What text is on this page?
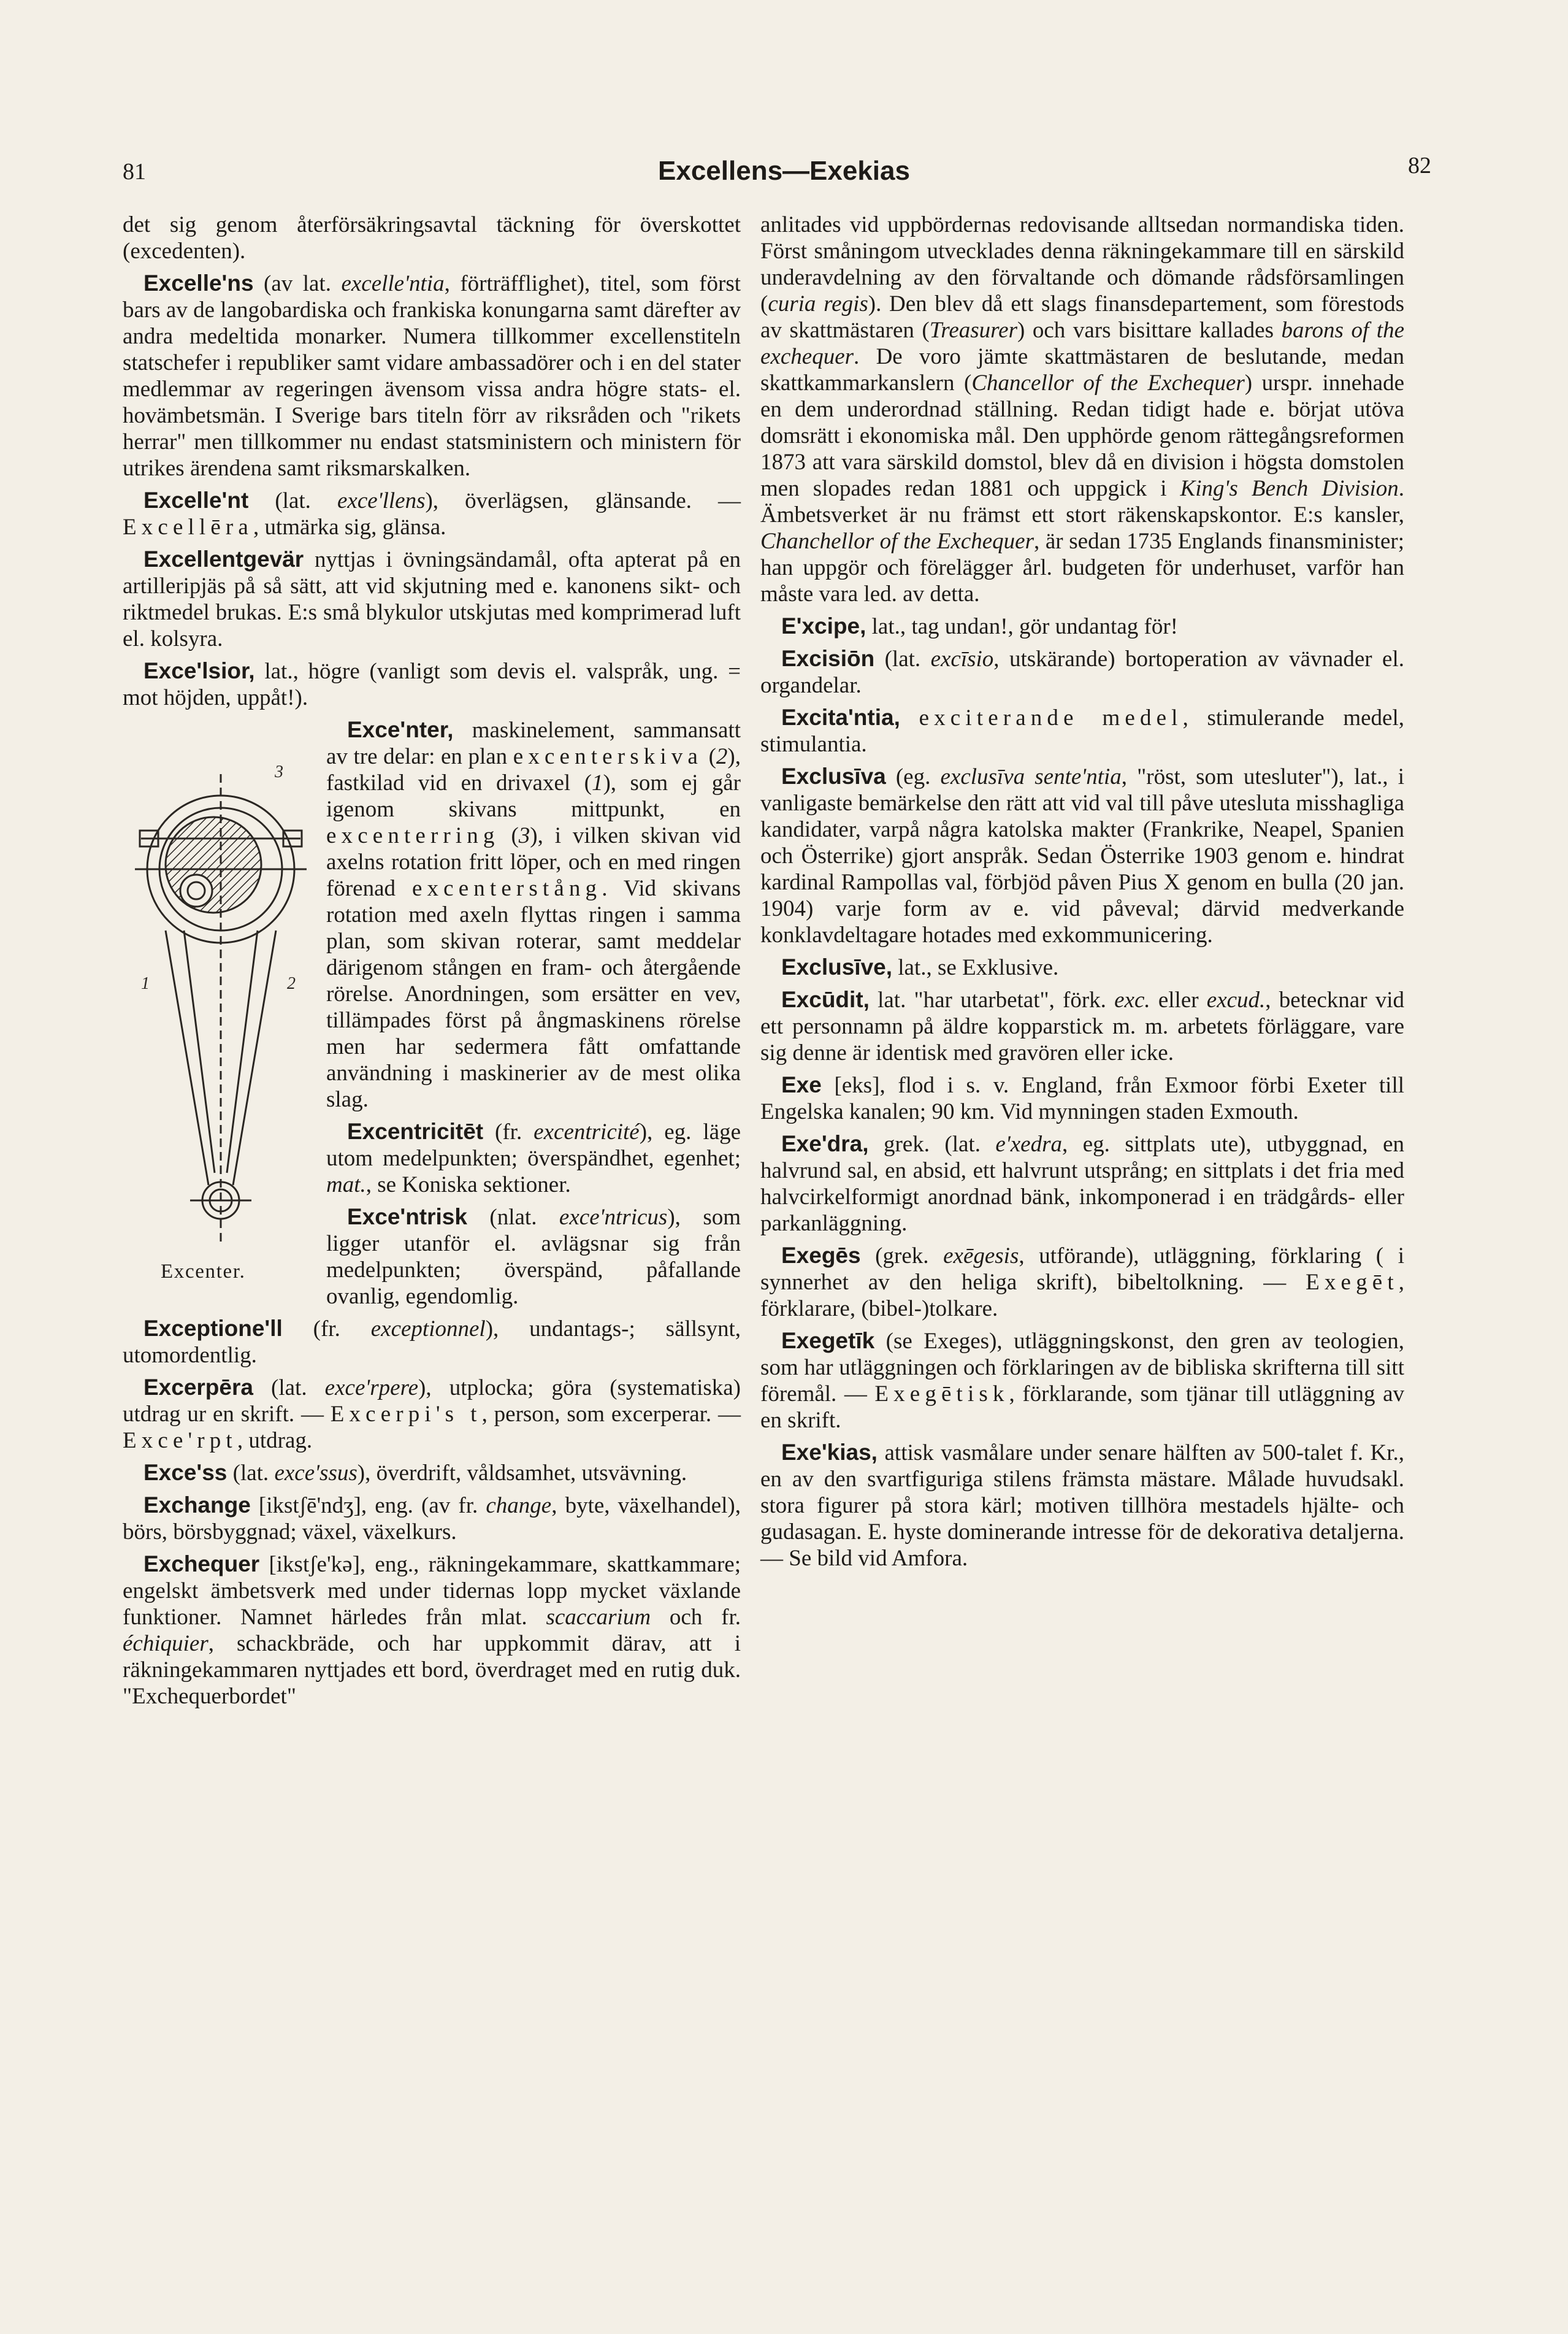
81	Excellens—Exekias	82

det sig genom återförsäkringsavtal täckning för överskottet (excedenten).

Excelle'ns (av lat. excelle'ntia, förträfflighet), titel, som först bars av de langobardiska och frankiska konungarna samt därefter av andra medeltida monarker. Numera tillkommer excellenstiteln statschefer i republiker samt vidare ambassadörer och i en del stater medlemmar av regeringen ävensom vissa andra högre stats- el. hovämbetsmän. I Sverige bars titeln förr av riksråden och "rikets herrar" men tillkommer nu endast statsministern och ministern för utrikes ärendena samt riksmarskalken.

Excelle'nt (lat. exce'llens), överlägsen, glänsande. — Excellēra, utmärka sig, glänsa.

Excellentgevär nyttjas i övningsändamål, ofta apterat på en artilleripjäs på så sätt, att vid skjutning med e. kanonens sikt- och riktmedel brukas. E:s små blykulor utskjutas med komprimerad luft el. kolsyra.

Exce'lsior, lat., högre (vanligt som devis el. valspråk, ung. = mot höjden, uppåt!).

3
1	2
Excenter.
Exce'nter, maskinelement, sammansatt av tre delar: en plan excenterskiva (2), fastkilad vid en drivaxel (1), som ej går igenom skivans mittpunkt, en excenterring (3), i vilken skivan vid axelns rotation fritt löper, och en med ringen förenad excenterstång. Vid skivans rotation med axeln flyttas ringen i samma plan, som skivan roterar, samt meddelar därigenom stången en fram- och återgående rörelse. Anordningen, som ersätter en vev, tillämpades först på ångmaskinens rörelse men har sedermera fått omfattande användning i maskinerier av de mest olika slag.

Excentricitēt (fr. excentricité), eg. läge utom medelpunkten; överspändhet, egenhet; mat., se Koniska sektioner.

Exce'ntrisk (nlat. exce'ntricus), som ligger utanför el. avlägsnar sig från medelpunkten; överspänd, påfallande ovanlig, egendomlig.

Exceptione'll (fr. exceptionnel), undantags-; sällsynt, utomordentlig.

Excerpēra (lat. exce'rpere), utplocka; göra (systematiska) utdrag ur en skrift. — Excerpi's t, person, som excerperar. — Exce'rpt, utdrag.

Exce'ss (lat. exce'ssus), överdrift, våldsamhet, utsvävning.

Exchange [ikstʃē'ndʒ], eng. (av fr. change, byte, växelhandel), börs, börsbyggnad; växel, växelkurs.

Exchequer [ikstʃe'kə], eng., räkningekammare, skattkammare; engelskt ämbetsverk med under tidernas lopp mycket växlande funktioner. Namnet härledes från mlat. scaccarium och fr. échiquier, schackbräde, och har uppkommit därav, att i räkningekammaren nyttjades ett bord, överdraget med en rutig duk. "Exchequerbordet"

anlitades vid uppbördernas redovisande alltsedan normandiska tiden. Först småningom utvecklades denna räkningekammare till en särskild underavdelning av den förvaltande och dömande rådsförsamlingen (curia regis). Den blev då ett slags finansdepartement, som förestods av skattmästaren (Treasurer) och vars bisittare kallades barons of the exchequer. De voro jämte skattmästaren de beslutande, medan skattkammarkanslern (Chancellor of the Exchequer) urspr. innehade en dem underordnad ställning. Redan tidigt hade e. börjat utöva domsrätt i ekonomiska mål. Den upphörde genom rättegångsreformen 1873 att vara särskild domstol, blev då en division i högsta domstolen men slopades redan 1881 och uppgick i King's Bench Division. Ämbetsverket är nu främst ett stort räkenskapskontor. E:s kansler, Chanchellor of the Exchequer, är sedan 1735 Englands finansminister; han uppgör och förelägger årl. budgeten för underhuset, varför han måste vara led. av detta.

E'xcipe, lat., tag undan!, gör undantag för!

Excisiōn (lat. excīsio, utskärande) bortoperation av vävnader el. organdelar.

Excita'ntia, exciterande medel, stimulerande medel, stimulantia.

Exclusīva (eg. exclusīva sente'ntia, "röst, som utesluter"), lat., i vanligaste bemärkelse den rätt att vid val till påve utesluta misshagliga kandidater, varpå några katolska makter (Frankrike, Neapel, Spanien och Österrike) gjort anspråk. Sedan Österrike 1903 genom e. hindrat kardinal Rampollas val, förbjöd påven Pius X genom en bulla (20 jan. 1904) varje form av e. vid påveval; därvid medverkande konklavdeltagare hotades med exkommunicering.

Exclusīve, lat., se Exklusive.

Excūdit, lat. "har utarbetat", förk. exc. eller excud., betecknar vid ett personnamn på äldre kopparstick m. m. arbetets förläggare, vare sig denne är identisk med gravören eller icke.

Exe [eks], flod i s. v. England, från Exmoor förbi Exeter till Engelska kanalen; 90 km. Vid mynningen staden Exmouth.

Exe'dra, grek. (lat. e'xedra, eg. sittplats ute), utbyggnad, en halvrund sal, en absid, ett halvrunt utsprång; en sittplats i det fria med halvcirkelformigt anordnad bänk, inkomponerad i en trädgårds- eller parkanläggning.

Exegēs (grek. exēgesis, utförande), utläggning, förklaring ( i synnerhet av den heliga skrift), bibeltolkning. — Exegēt, förklarare, (bibel-)tolkare.

Exegetīk (se Exeges), utläggningskonst, den gren av teologien, som har utläggningen och förklaringen av de bibliska skrifterna till sitt föremål. — Exegētisk, förklarande, som tjänar till utläggning av en skrift.

Exe'kias, attisk vasmålare under senare hälften av 500-talet f. Kr., en av den svartfiguriga stilens främsta mästare. Målade huvudsakl. stora figurer på stora kärl; motiven tillhöra mestadels hjälte- och gudasagan. E. hyste dominerande intresse för de dekorativa detaljerna. — Se bild vid Amfora.
